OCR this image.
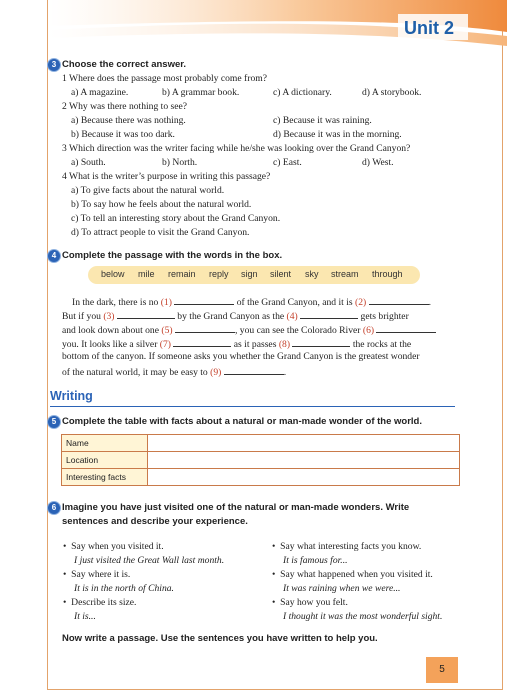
Unit 2
3 Choose the correct answer.
1 Where does the passage most probably come from?
a) A magazine.	b) A grammar book.	c) A dictionary.	d) A storybook.
2 Why was there nothing to see?
a) Because there was nothing.	c) Because it was raining.
b) Because it was too dark.	d) Because it was in the morning.
3 Which direction was the writer facing while he/she was looking over the Grand Canyon?
a) South.	b) North.	c) East.	d) West.
4 What is the writer’s purpose in writing this passage?
a) To give facts about the natural world.
b) To say how he feels about the natural world.
c) To tell an interesting story about the Grand Canyon.
d) To attract people to visit the Grand Canyon.
4 Complete the passage with the words in the box.
below mile remain reply sign silent sky stream through
In the dark, there is no (1)	of the Grand Canyon, and it is (2)	.
But if you (3)	by the Grand Canyon as the (4)	gets brighter
and look down about one (5)	, you can see the Colorado River (6)
you. It looks like a silver (7)	as it passes (8)	the rocks at the
bottom of the canyon. If someone asks you whether the Grand Canyon is the greatest wonder
of the natural world, it may be easy to (9)	.
Writing
5 Complete the table with facts about a natural or man-made wonder of the world.
Name	
Location	
Interesting facts	
6 Imagine you have just visited one of the natural or man-made wonders. Write
sentences and describe your experience.
•  Say when you visited it.
I just visited the Great Wall last month.
•  Say where it is.
It is in the north of China.
•  Describe its size.
It is...
•  Say what interesting facts you know.
It is famous for...
•  Say what happened when you visited it.
It was raining when we were...
•  Say how you felt.
I thought it was the most wonderful sight.
Now write a passage. Use the sentences you have written to help you.
5
